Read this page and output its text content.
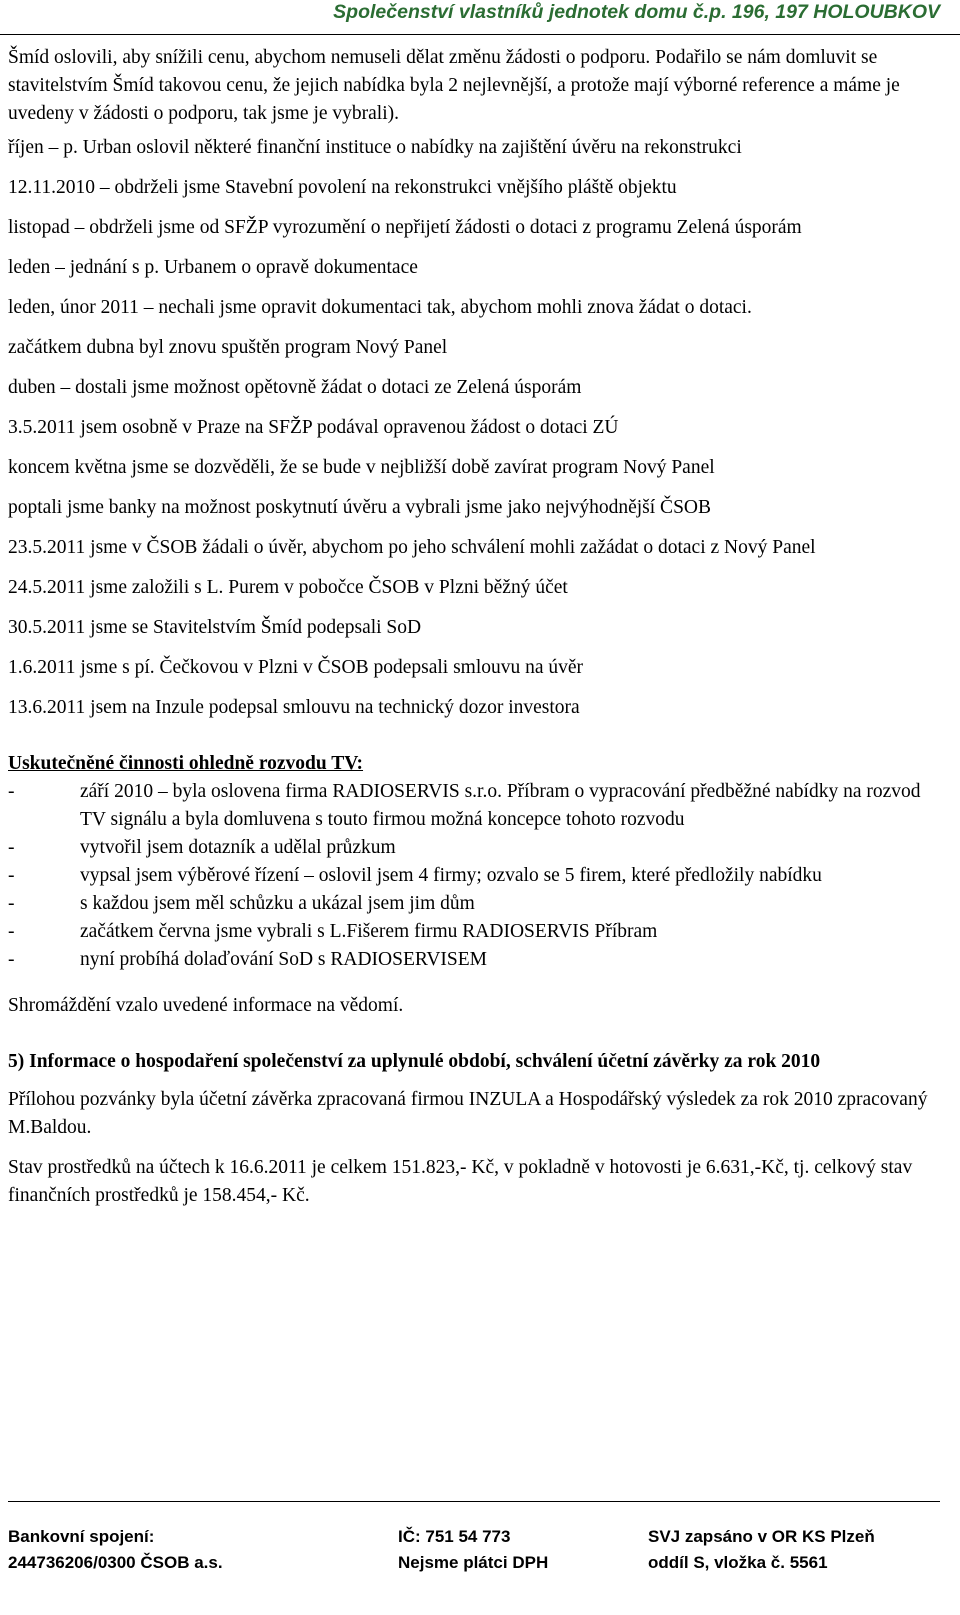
Společenství vlastníků jednotek domu č.p. 196, 197 HOLOUBKOV

Šmíd oslovili, aby snížili cenu, abychom nemuseli dělat změnu žádosti o podporu. Podařilo se nám domluvit se stavitelstvím Šmíd takovou cenu, že jejich nabídka byla 2 nejlevnější, a protože mají výborné reference a máme je uvedeny v žádosti o podporu, tak jsme je vybrali).

říjen – p. Urban oslovil některé finanční instituce o nabídky na zajištění úvěru na rekonstrukci

12.11.2010 – obdrželi jsme Stavební povolení na rekonstrukci vnějšího pláště objektu

listopad – obdrželi jsme od SFŽP vyrozumění o nepřijetí žádosti o dotaci z programu Zelená úsporám

leden – jednání s p. Urbanem o opravě dokumentace

leden, únor 2011 – nechali jsme opravit dokumentaci tak, abychom mohli znova žádat o dotaci.

začátkem dubna byl znovu spuštěn program Nový Panel

duben – dostali jsme možnost opětovně žádat o dotaci ze Zelená úsporám

3.5.2011 jsem osobně v Praze na SFŽP podával opravenou žádost o dotaci ZÚ

koncem května jsme se dozvěděli, že se bude v nejbližší době zavírat program Nový Panel

poptali jsme banky na možnost poskytnutí úvěru a vybrali jsme jako nejvýhodnější ČSOB

23.5.2011 jsme v ČSOB žádali o úvěr, abychom po jeho schválení mohli zažádat o dotaci z Nový Panel

24.5.2011 jsme založili s L. Purem v pobočce ČSOB v Plzni běžný účet

30.5.2011 jsme se Stavitelstvím Šmíd podepsali SoD

1.6.2011 jsme s pí. Čečkovou v Plzni v ČSOB podepsali smlouvu na úvěr

13.6.2011 jsem na Inzule podepsal smlouvu na technický dozor investora

Uskutečněné činnosti ohledně rozvodu TV:

-	září 2010 – byla oslovena firma RADIOSERVIS s.r.o. Příbram o vypracování předběžné nabídky na rozvod TV signálu a byla domluvena s touto firmou možná koncepce tohoto rozvodu
-	vytvořil jsem dotazník a udělal průzkum
-	vypsal jsem výběrové řízení – oslovil jsem 4 firmy; ozvalo se 5 firem, které předložily nabídku
-	s každou jsem měl schůzku a ukázal jsem jim dům
-	začátkem června jsme vybrali s L.Fišerem firmu RADIOSERVIS Příbram
-	nyní probíhá dolaďování SoD s RADIOSERVISEM

Shromáždění vzalo uvedené informace na vědomí.

5) Informace o hospodaření společenství za uplynulé období, schválení účetní závěrky za rok 2010

Přílohou pozvánky byla účetní závěrka zpracovaná firmou INZULA a Hospodářský výsledek za rok 2010 zpracovaný M.Baldou.

Stav prostředků na účtech k 16.6.2011 je celkem 151.823,- Kč, v pokladně v hotovosti je 6.631,-Kč, tj. celkový stav finančních prostředků je 158.454,- Kč.

Bankovní spojení:
244736206/0300 ČSOB a.s.
IČ: 751 54 773
Nejsme plátci DPH
SVJ zapsáno v OR KS Plzeň
oddíl S, vložka č. 5561
